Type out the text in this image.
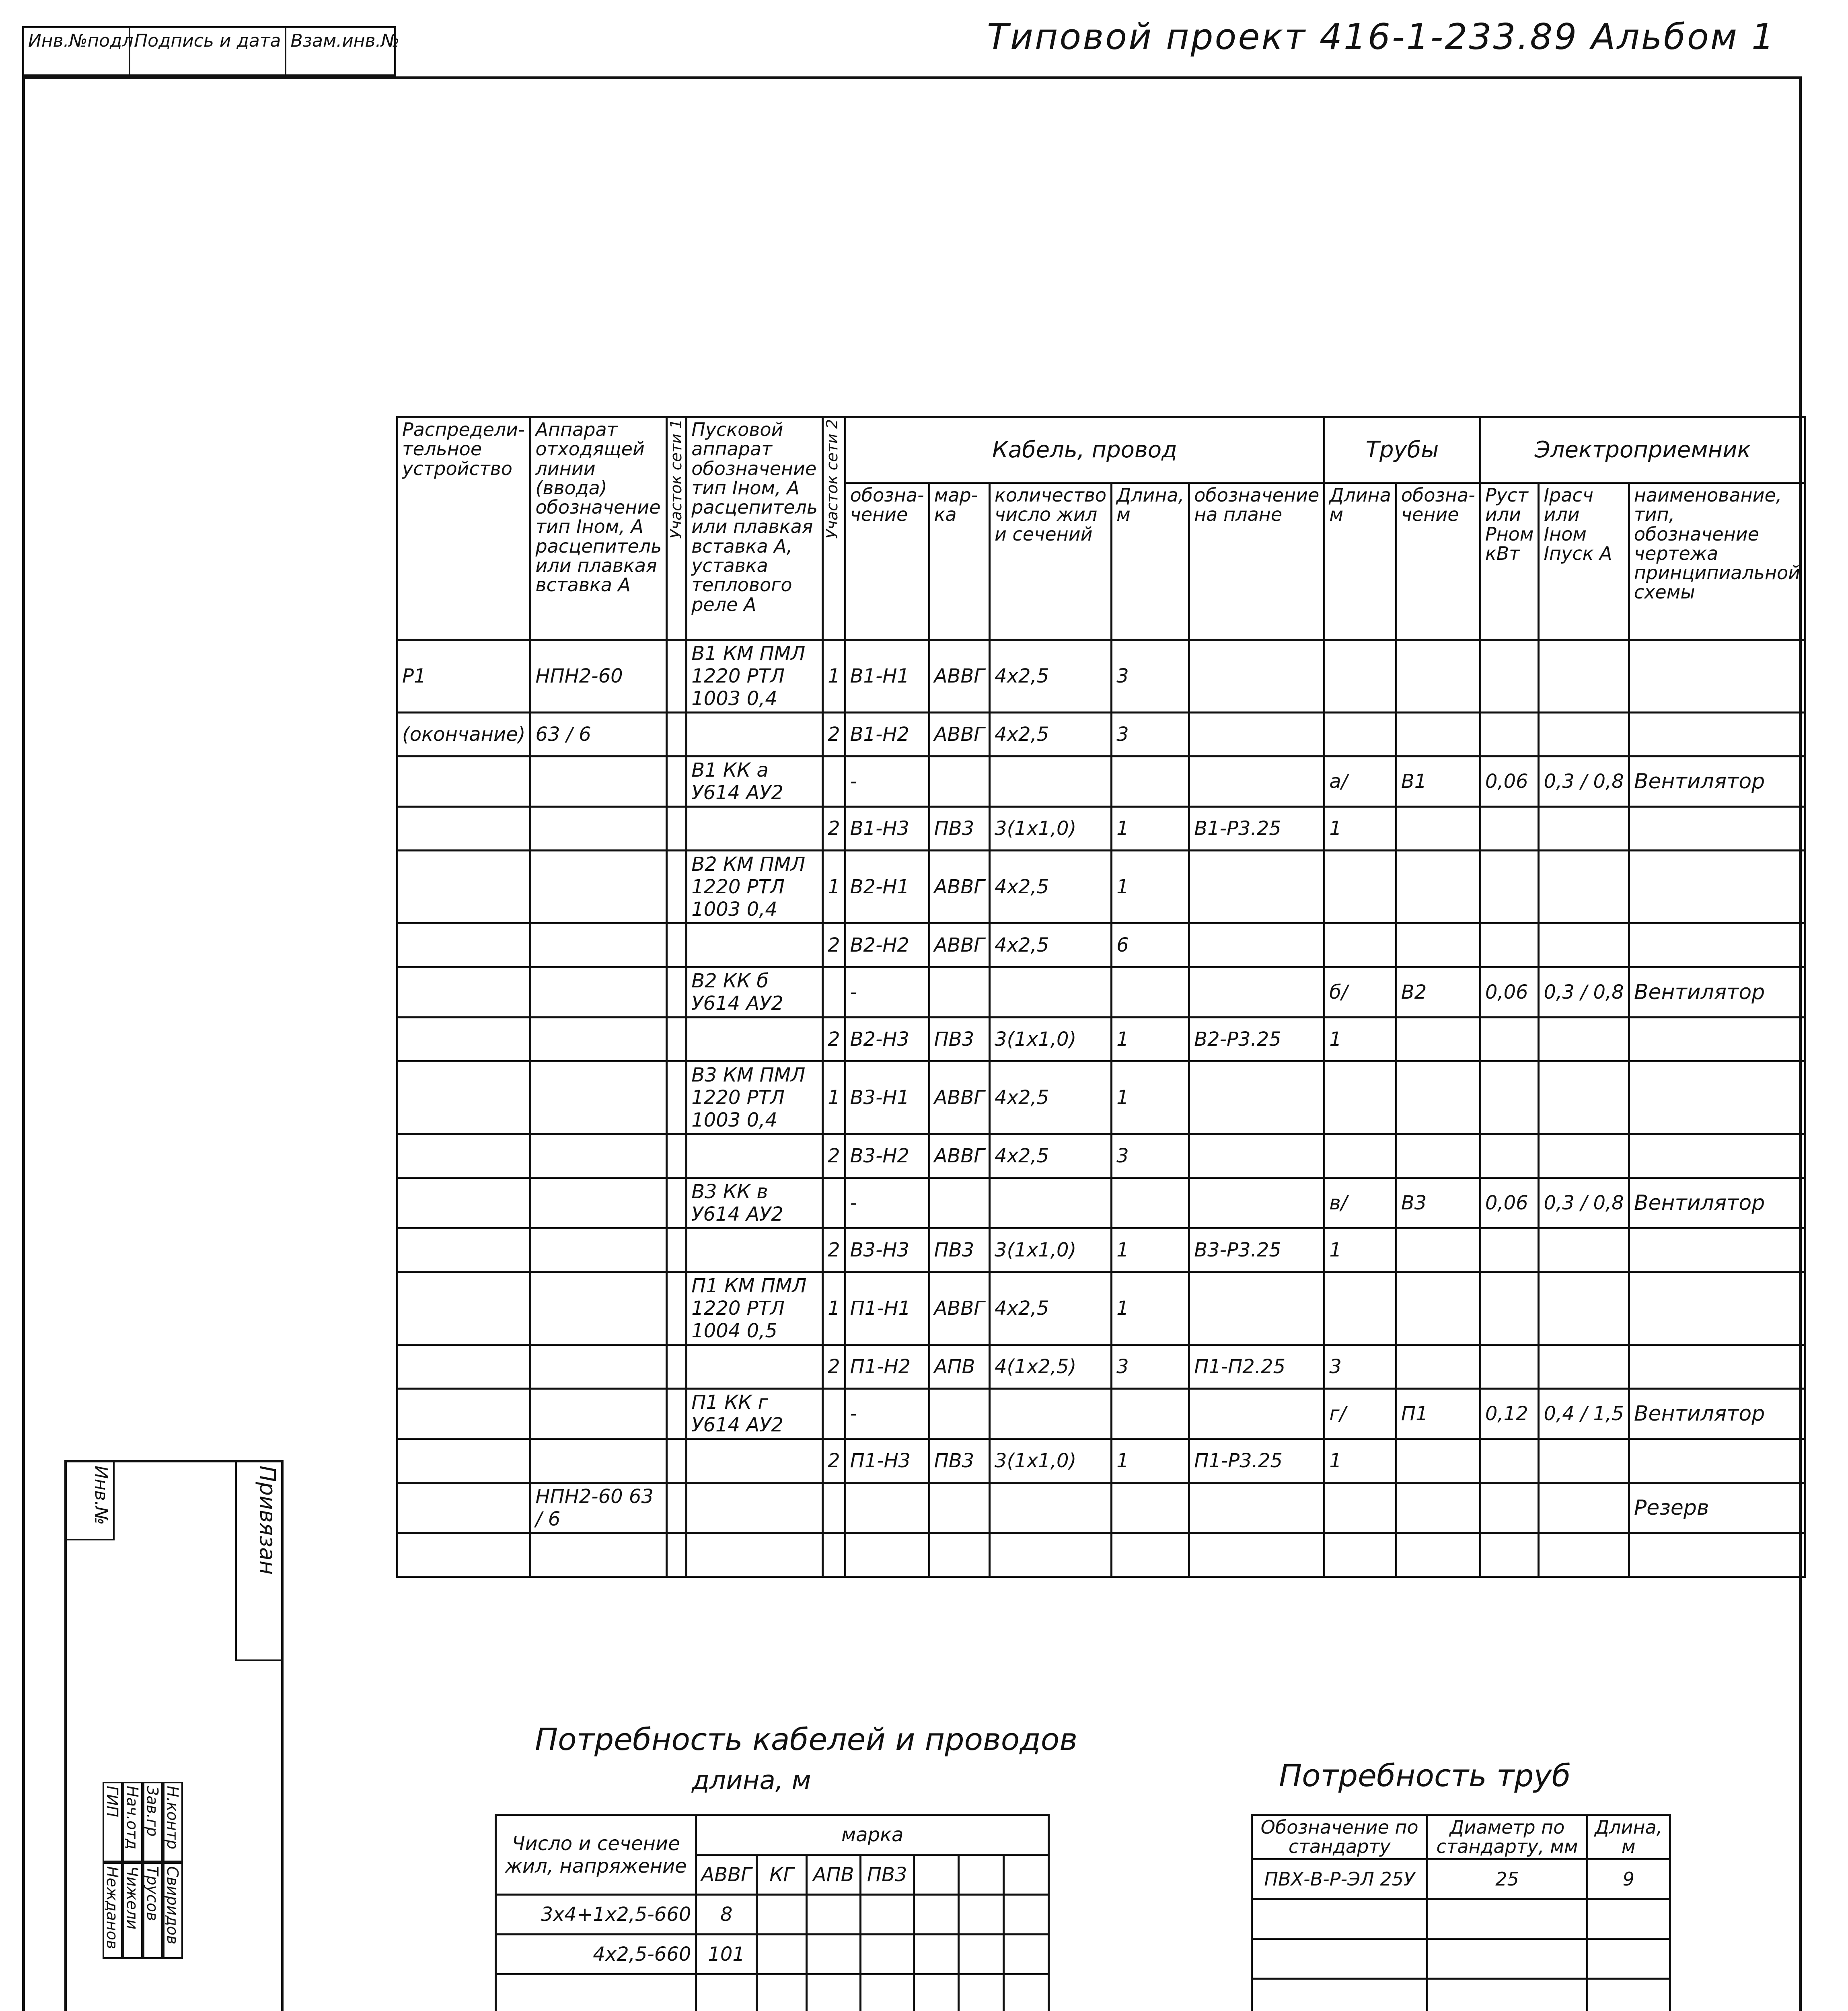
Инв.№подл.
Подпись и дата Взам.инв.№	Типовой проект 416-1-233.89 Альбом 1
Распредели-тельное устройство	Аппарат отходящей линии (ввода) обозначение тип Iном, А расцепитель или плавкая вставка А	Участок сети 1	Пусковой аппарат обозначение тип Iном, А расцепитель или плавкая вставка А, уставка теплового реле А	Участок сети 2	Кабель, провод					Трубы		Электроприемник		
					обозна-чение	мар-ка	количество число жил и сечений	Длина, м	обозначение на плане	Длина м	обозна-чение	Руст или Рном кВт	Iрасч или Iном Iпуск А	наименование, тип, обозначение чертежа принципиальной схемы
Р1	НПН2-60		В1 КМ ПМЛ 1220 РТЛ 1003 0,4	1	В1-Н1	АВВГ	4х2,5	3						
(окончание)	63 / 6			2	В1-Н2	АВВГ	4х2,5	3						
			В1 КК а У614 АУ2		-					а/	В1	0,06	0,3 / 0,8	Вентилятор
				2	В1-Н3	ПВ3	3(1х1,0)	1	В1-Р3.25	1				
			В2 КМ ПМЛ 1220 РТЛ 1003 0,4	1	В2-Н1	АВВГ	4х2,5	1						
				2	В2-Н2	АВВГ	4х2,5	6						
			В2 КК б У614 АУ2		-					б/	В2	0,06	0,3 / 0,8	Вентилятор
				2	В2-Н3	ПВ3	3(1х1,0)	1	В2-Р3.25	1				
			В3 КМ ПМЛ 1220 РТЛ 1003 0,4	1	В3-Н1	АВВГ	4х2,5	1						
				2	В3-Н2	АВВГ	4х2,5	3						
			В3 КК в У614 АУ2		-					в/	В3	0,06	0,3 / 0,8	Вентилятор
				2	В3-Н3	ПВ3	3(1х1,0)	1	В3-Р3.25	1				
			П1 КМ ПМЛ 1220 РТЛ 1004 0,5	1	П1-Н1	АВВГ	4х2,5	1						
				2	П1-Н2	АПВ	4(1х2,5)	3	П1-П2.25	3				
			П1 КК г У614 АУ2		-					г/	П1	0,12	0,4 / 1,5	Вентилятор
				2	П1-Н3	ПВ3	3(1х1,0)	1	П1-Р3.25	1				
	НПН2-60 63 / 6													Резерв

Потребность кабелей и проводов
длина, м
Число и сечение жил, напряжение	марка						
	АВВГ	КГ	АПВ	ПВ3			
3х4+1х2,5-660	8						
4х2,5-660	101						

Потребность труб
Обозначение по стандарту	Диаметр по стандарту, мм	Длина, м
ПВХ-В-Р-ЭЛ 25У	25	9

Привязан
Инв.№
ГИП Нач.отд Зав.гр Н.контр
Нежданов Чижели Трусов Свиридов
